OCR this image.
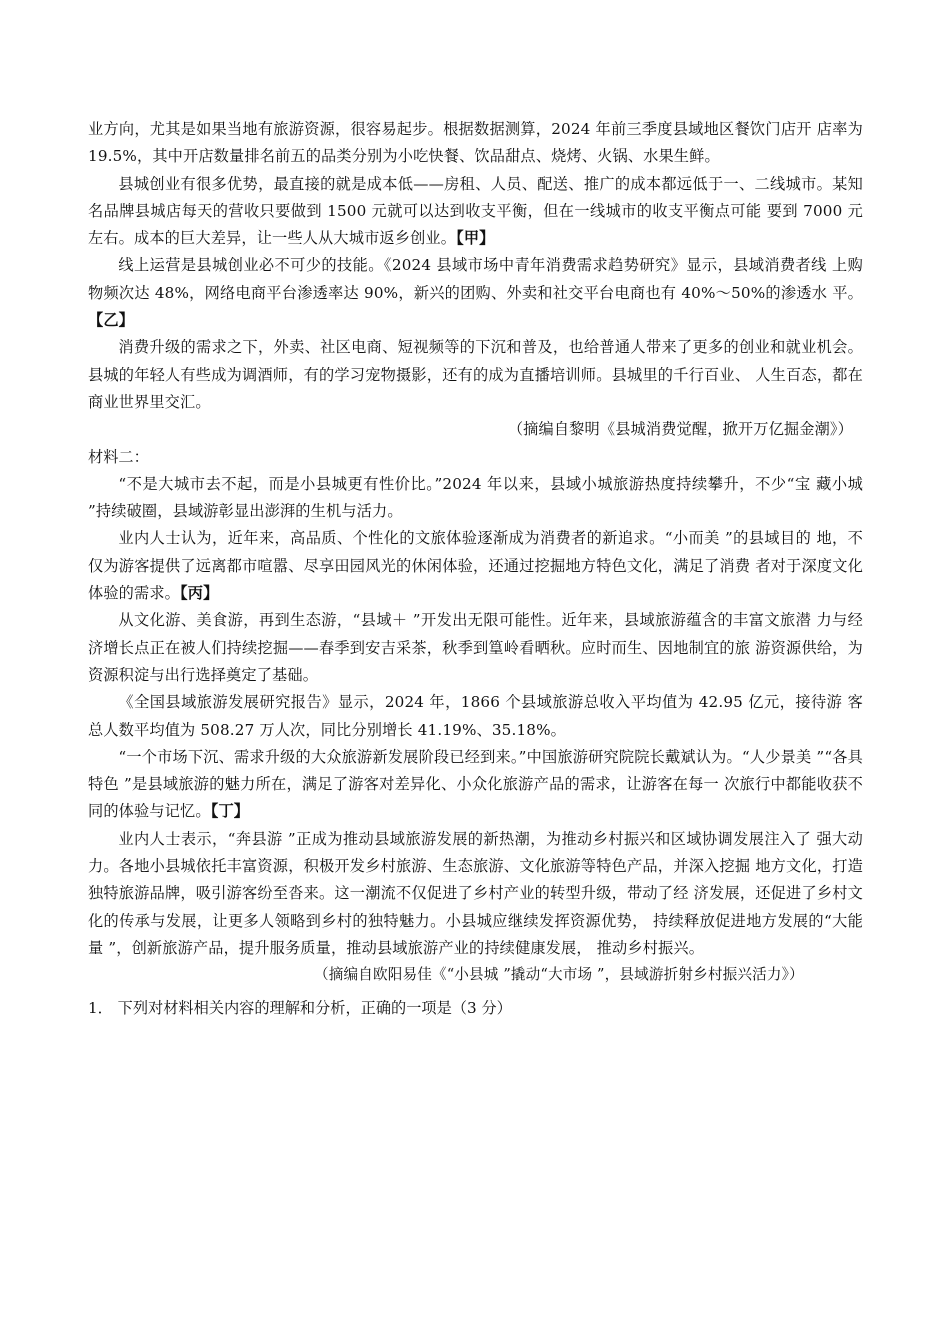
业方向，尤其是如果当地有旅游资源，很容易起步。根据数据测算，2024 年前三季度县域地区餐饮门店开 店率为 19.5%，其中开店数量排名前五的品类分别为小吃快餐、饮品甜点、烧烤、火锅、水果生鲜。

县城创业有很多优势，最直接的就是成本低——房租、人员、配送、推广的成本都远低于一、二线城市。某知名品牌县城店每天的营收只要做到 1500 元就可以达到收支平衡，但在一线城市的收支平衡点可能 要到 7000 元左右。成本的巨大差异，让一些人从大城市返乡创业。【甲】

线上运营是县城创业必不可少的技能。《2024 县域市场中青年消费需求趋势研究》显示，县域消费者线 上购物频次达 48%，网络电商平台渗透率达 90%，新兴的团购、外卖和社交平台电商也有 40%～50%的渗透水 平。【乙】

消费升级的需求之下，外卖、社区电商、短视频等的下沉和普及，也给普通人带来了更多的创业和就业机会。县城的年轻人有些成为调酒师，有的学习宠物摄影，还有的成为直播培训师。县城里的千行百业、 人生百态，都在商业世界里交汇。

（摘编自黎明《县城消费觉醒，掀开万亿掘金潮》）

材料二：

“不是大城市去不起，而是小县城更有性价比。”2024 年以来，县域小城旅游热度持续攀升，不少“宝 藏小城 ”持续破圈，县域游彰显出澎湃的生机与活力。

业内人士认为，近年来，高品质、个性化的文旅体验逐渐成为消费者的新追求。“小而美 ”的县域目的 地，不仅为游客提供了远离都市喧嚣、尽享田园风光的休闲体验，还通过挖掘地方特色文化，满足了消费 者对于深度文化体验的需求。【丙】

从文化游、美食游，再到生态游，“县域＋ ”开发出无限可能性。近年来，县域旅游蕴含的丰富文旅潜 力与经济增长点正在被人们持续挖掘——春季到安吉采茶，秋季到篁岭看晒秋。应时而生、因地制宜的旅 游资源供给，为资源积淀与出行选择奠定了基础。

《全国县域旅游发展研究报告》显示，2024 年，1866 个县域旅游总收入平均值为 42.95 亿元，接待游 客总人数平均值为 508.27 万人次，同比分别增长 41.19%、35.18%。

“一个市场下沉、需求升级的大众旅游新发展阶段已经到来。”中国旅游研究院院长戴斌认为。“人少景美 ”“各具特色 ”是县域旅游的魅力所在，满足了游客对差异化、小众化旅游产品的需求，让游客在每一 次旅行中都能收获不同的体验与记忆。【丁】

业内人士表示，“奔县游 ”正成为推动县域旅游发展的新热潮，为推动乡村振兴和区域协调发展注入了 强大动力。各地小县城依托丰富资源，积极开发乡村旅游、生态旅游、文化旅游等特色产品，并深入挖掘 地方文化，打造独特旅游品牌，吸引游客纷至沓来。这一潮流不仅促进了乡村产业的转型升级，带动了经 济发展，还促进了乡村文化的传承与发展，让更多人领略到乡村的独特魅力。小县城应继续发挥资源优势， 持续释放促进地方发展的“大能量 ”，创新旅游产品，提升服务质量，推动县域旅游产业的持续健康发展， 推动乡村振兴。

（摘编自欧阳易佳《“小县城 ”撬动“大市场 ”，县域游折射乡村振兴活力》）

1． 下列对材料相关内容的理解和分析，正确的一项是（3 分）
